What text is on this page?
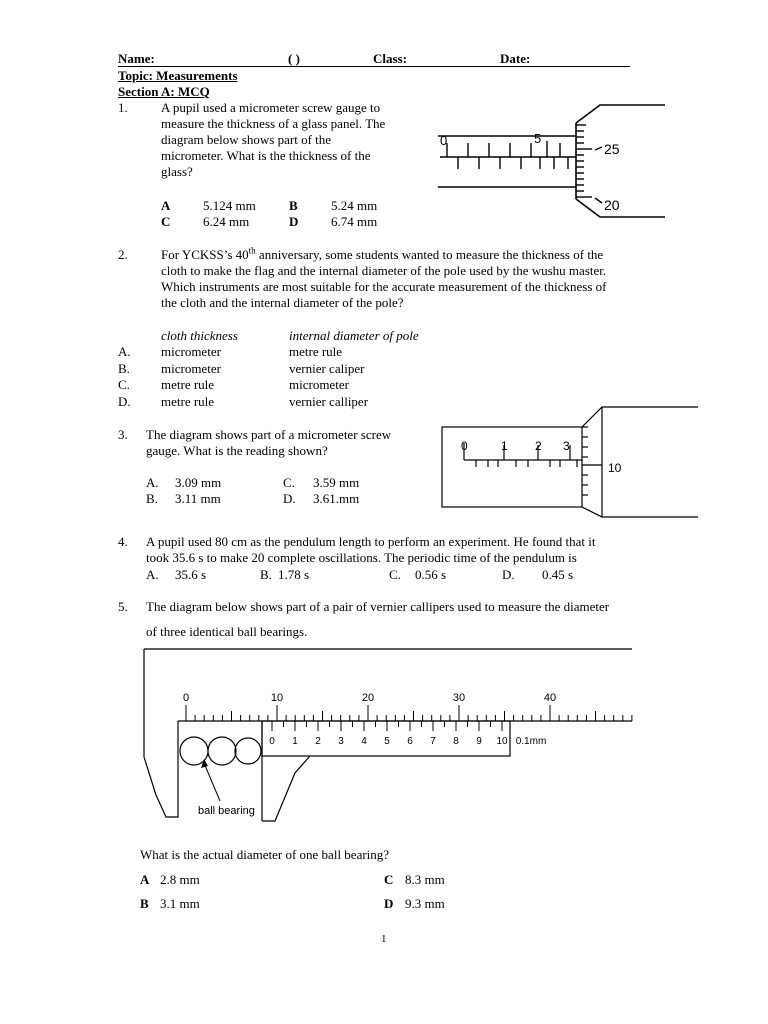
Name:	( )	Class:	Date:
Topic: Measurements
Section A: MCQ
1.	A pupil used a micrometer screw gauge to
measure the thickness of a glass panel. The
diagram below shows part of the
micrometer. What is the thickness of the
glass?
A	5.124 mm	B	5.24 mm
C	6.24 mm	D	6.74 mm
0	5
25
20
2.	For YCKSS’s 40th anniversary, some students wanted to measure the thickness of the
cloth to make the flag and the internal diameter of the pole used by the wushu master.
Which instruments are most suitable for the accurate measurement of the thickness of
the cloth and the internal diameter of the pole?
cloth thickness	internal diameter of pole
A. micrometer	metre rule
B. micrometer	vernier caliper
C. metre rule	micrometer
D. metre rule	vernier calliper
3. The diagram shows part of a micrometer screw
gauge. What is the reading shown?
A. 3.09 mm	C. 3.59 mm
B. 3.11 mm	D. 3.61.mm
0	1 2 3
10
4. A pupil used 80 cm as the pendulum length to perform an experiment. He found that it
took 35.6 s to make 20 complete oscillations. The periodic time of the pendulum is
A. 35.6 s	B. 1.78 s	C. 0.56 s	D. 0.45 s
5. The diagram below shows part of a pair of vernier callipers used to measure the diameter
of three identical ball bearings.
ball bearing
0	10	20	30	40
0 1 2 3 4 5 6 7 8 9 10 0.1mm
What is the actual diameter of one ball bearing?
A 2.8 mm	C 8.3 mm
B 3.1 mm	D 9.3 mm
1
